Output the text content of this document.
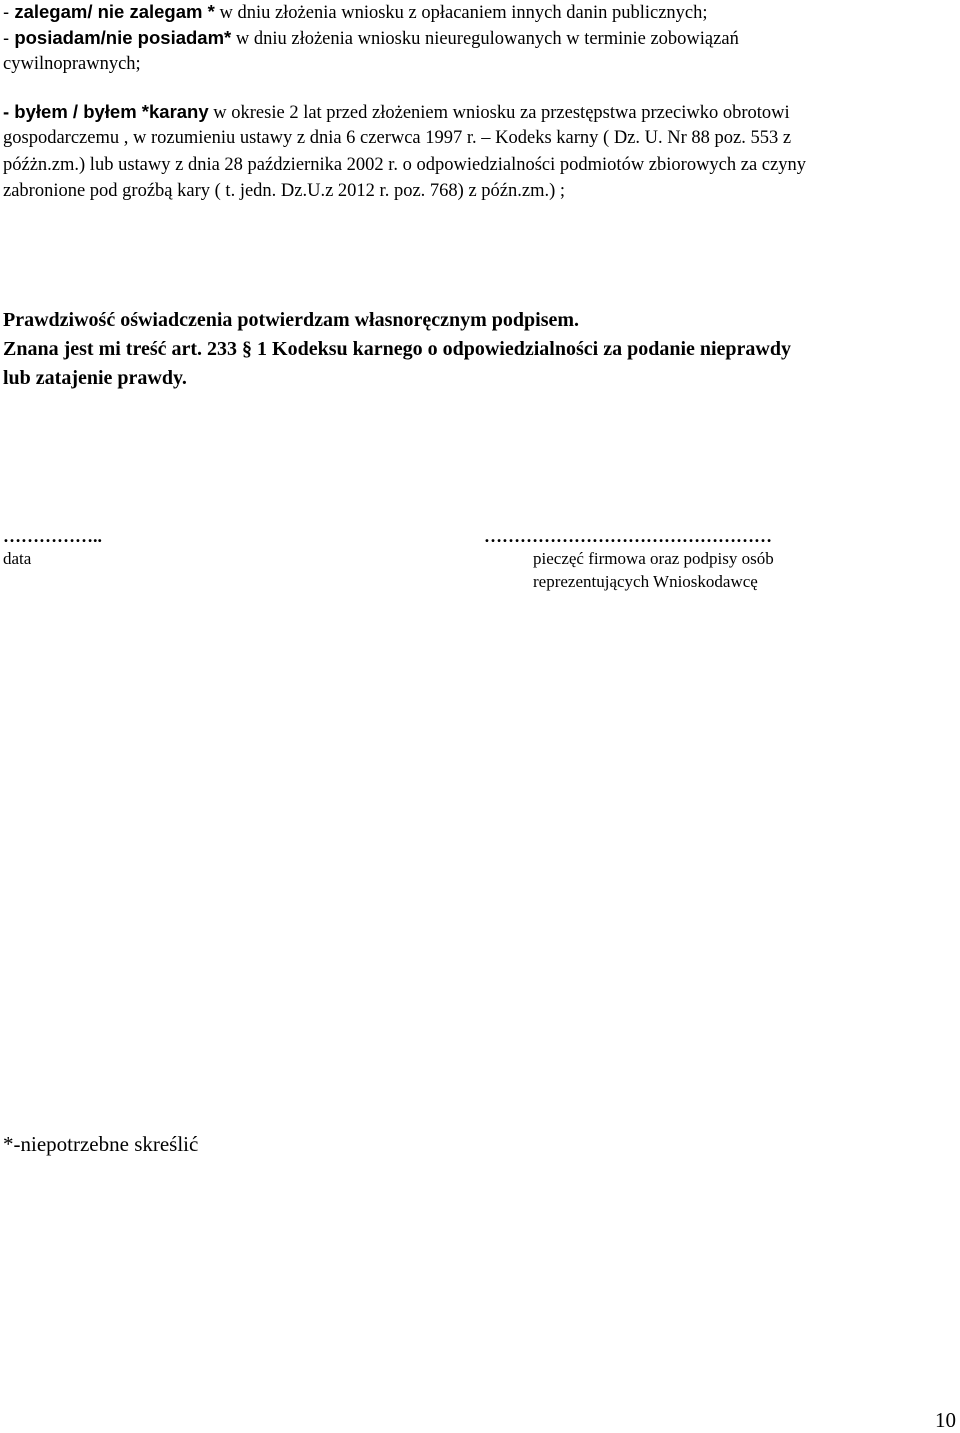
- zalegam/ nie zalegam * w dniu złożenia wniosku z opłacaniem innych danin publicznych;
- posiadam/nie posiadam* w dniu złożenia wniosku nieuregulowanych w terminie zobowiązań
cywilnoprawnych;
- byłem / byłem *karany w okresie 2 lat przed złożeniem wniosku za przestępstwa przeciwko obrotowi
gospodarczemu , w rozumieniu ustawy z dnia 6 czerwca 1997 r. – Kodeks karny ( Dz. U. Nr 88 poz. 553 z
późżn.zm.) lub ustawy z dnia 28 października 2002 r. o odpowiedzialności podmiotów zbiorowych za czyny
zabronione pod groźbą kary ( t. jedn. Dz.U.z 2012 r. poz. 768) z późn.zm.) ;
Prawdziwość oświadczenia potwierdzam własnoręcznym podpisem.
Znana jest mi treść art. 233 § 1 Kodeksu karnego o odpowiedzialności za podanie nieprawdy
lub zatajenie prawdy.
……………..
data
…………………………………………
pieczęć firmowa oraz podpisy osób
reprezentujących Wnioskodawcę
*-niepotrzebne skreślić
10
